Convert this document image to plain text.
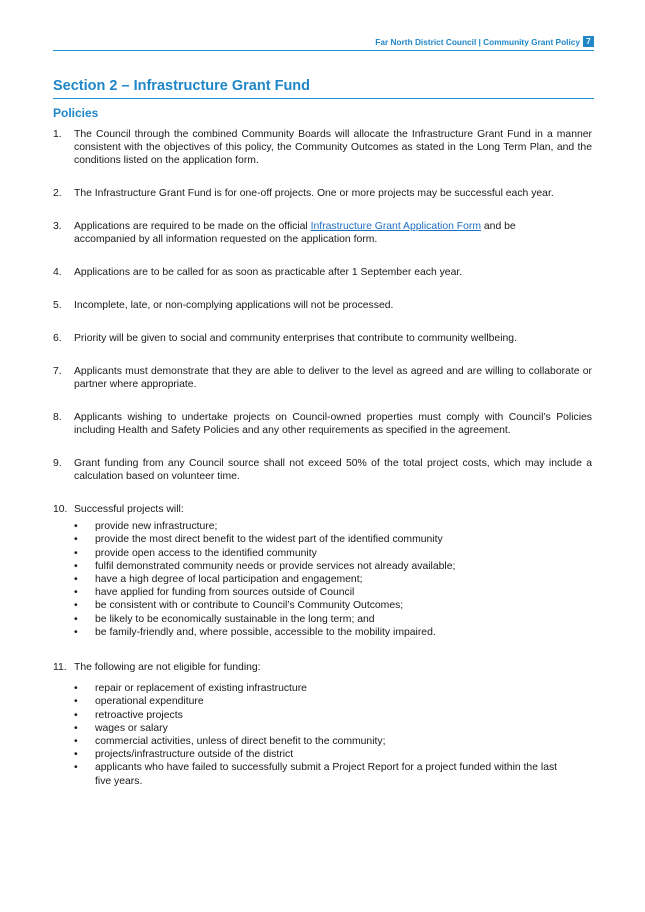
Far North District Council | Community Grant Policy 7
Section 2 – Infrastructure Grant Fund
Policies
1. The Council through the combined Community Boards will allocate the Infrastructure Grant Fund in a manner consistent with the objectives of this policy, the Community Outcomes as stated in the Long Term Plan, and the conditions listed on the application form.
2. The Infrastructure Grant Fund is for one-off projects. One or more projects may be successful each year.
3. Applications are required to be made on the official Infrastructure Grant Application Form and be accompanied by all information requested on the application form.
4. Applications are to be called for as soon as practicable after 1 September each year.
5. Incomplete, late, or non-complying applications will not be processed.
6. Priority will be given to social and community enterprises that contribute to community wellbeing.
7. Applicants must demonstrate that they are able to deliver to the level as agreed and are willing to collaborate or partner where appropriate.
8. Applicants wishing to undertake projects on Council-owned properties must comply with Council’s Policies including Health and Safety Policies and any other requirements as specified in the agreement.
9. Grant funding from any Council source shall not exceed 50% of the total project costs, which may include a calculation based on volunteer time.
10. Successful projects will:
• provide new infrastructure;
• provide the most direct benefit to the widest part of the identified community
• provide open access to the identified community
• fulfil demonstrated community needs or provide services not already available;
• have a high degree of local participation and engagement;
• have applied for funding from sources outside of Council
• be consistent with or contribute to Council’s Community Outcomes;
• be likely to be economically sustainable in the long term; and
• be family-friendly and, where possible, accessible to the mobility impaired.
11. The following are not eligible for funding:
• repair or replacement of existing infrastructure
• operational expenditure
• retroactive projects
• wages or salary
• commercial activities, unless of direct benefit to the community;
• projects/infrastructure outside of the district
• applicants who have failed to successfully submit a Project Report for a project funded within the last five years.
